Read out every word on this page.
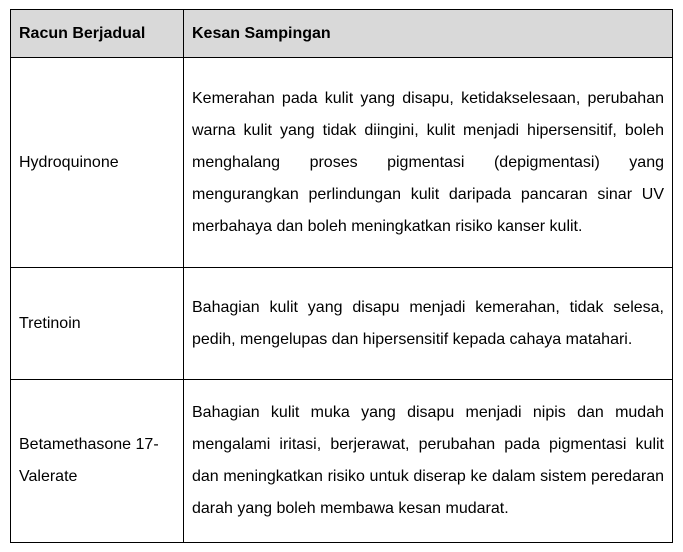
Racun Berjadual	Kesan Sampingan
Hydroquinone	Kemerahan pada kulit yang disapu, ketidakselesaan, perubahan warna kulit yang tidak diingini, kulit menjadi hipersensitif, boleh menghalang proses pigmentasi (depigmentasi) yang mengurangkan perlindungan kulit daripada pancaran sinar UV merbahaya dan boleh meningkatkan risiko kanser kulit.
Tretinoin	Bahagian kulit yang disapu menjadi kemerahan, tidak selesa, pedih, mengelupas dan hipersensitif kepada cahaya matahari.
Betamethasone 17-Valerate	Bahagian kulit muka yang disapu menjadi nipis dan mudah mengalami iritasi, berjerawat, perubahan pada pigmentasi kulit dan meningkatkan risiko untuk diserap ke dalam sistem peredaran darah yang boleh membawa kesan mudarat.
